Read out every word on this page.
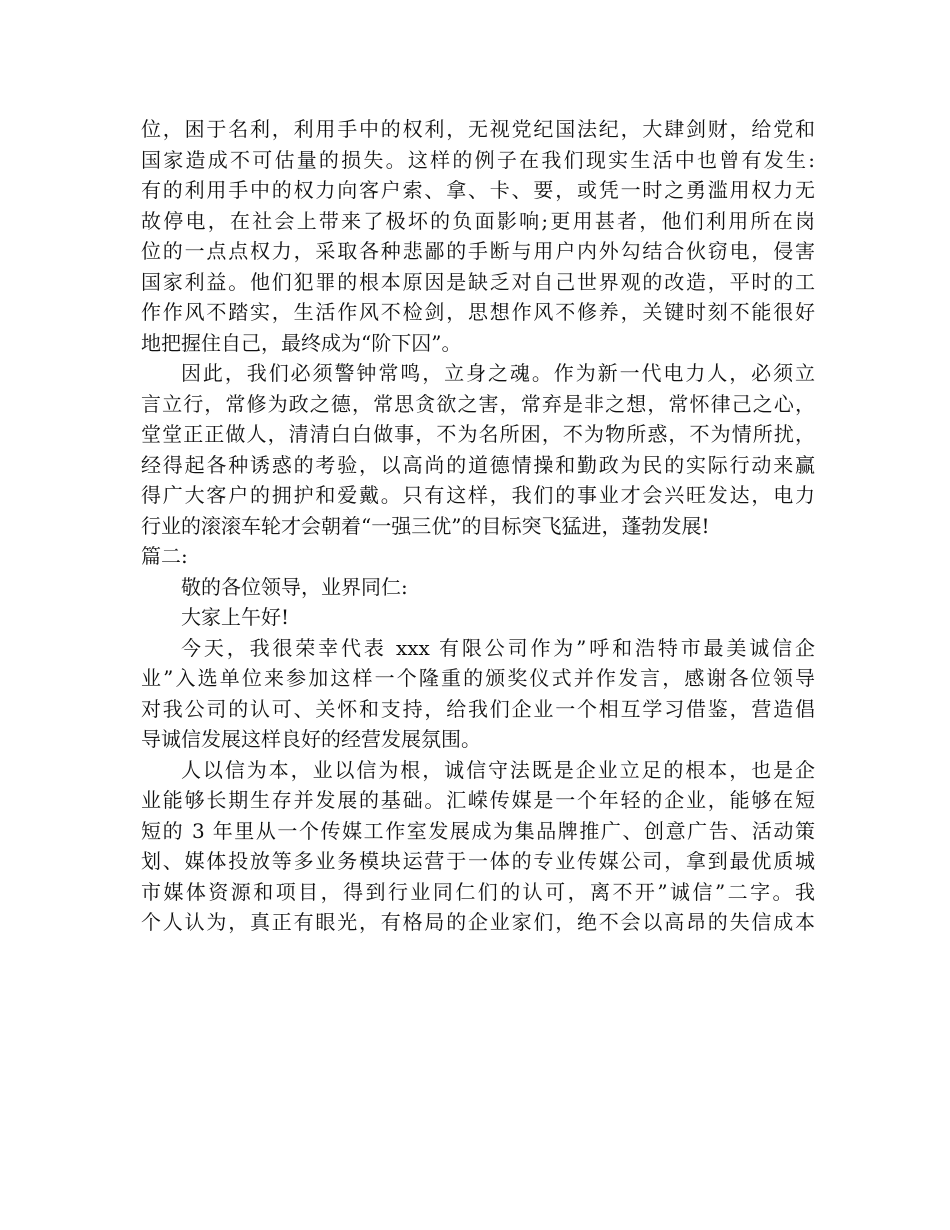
位，困于名利，利用手中的权利，无视党纪国法纪，大肆剑财，给党和
国家造成不可估量的损失。这样的例子在我们现实生活中也曾有发生:
有的利用手中的权力向客户索、拿、卡、要，或凭一时之勇滥用权力无
故停电，在社会上带来了极坏的负面影响;更用甚者，他们利用所在岗
位的一点点权力，采取各种悲鄙的手断与用户内外勾结合伙窃电，侵害
国家利益。他们犯罪的根本原因是缺乏对自己世界观的改造，平时的工
作作风不踏实，生活作风不检剑，思想作风不修养，关键时刻不能很好
地把握住自己，最终成为“阶下囚”。
因此，我们必须警钟常鸣，立身之魂。作为新一代电力人，必须立
言立行，常修为政之德，常思贪欲之害，常弃是非之想，常怀律己之心，
堂堂正正做人，清清白白做事，不为名所困，不为物所惑，不为情所扰，
经得起各种诱惑的考验，以高尚的道德情操和勤政为民的实际行动来赢
得广大客户的拥护和爱戴。只有这样，我们的事业才会兴旺发达，电力
行业的滚滚车轮才会朝着“一强三优”的目标突飞猛进，蓬勃发展!
篇二:
敬的各位领导，业界同仁:
大家上午好!
今天，我很荣幸代表 xxx 有限公司作为”呼和浩特市最美诚信企
业”入选单位来参加这样一个隆重的颁奖仪式并作发言，感谢各位领导
对我公司的认可、关怀和支持，给我们企业一个相互学习借鉴，营造倡
导诚信发展这样良好的经营发展氛围。
人以信为本，业以信为根，诚信守法既是企业立足的根本，也是企
业能够长期生存并发展的基础。汇嵘传媒是一个年轻的企业，能够在短
短的 3 年里从一个传媒工作室发展成为集品牌推广、创意广告、活动策
划、媒体投放等多业务模块运营于一体的专业传媒公司，拿到最优质城
市媒体资源和项目，得到行业同仁们的认可，离不开”诚信”二字。我
个人认为，真正有眼光，有格局的企业家们，绝不会以高昂的失信成本
